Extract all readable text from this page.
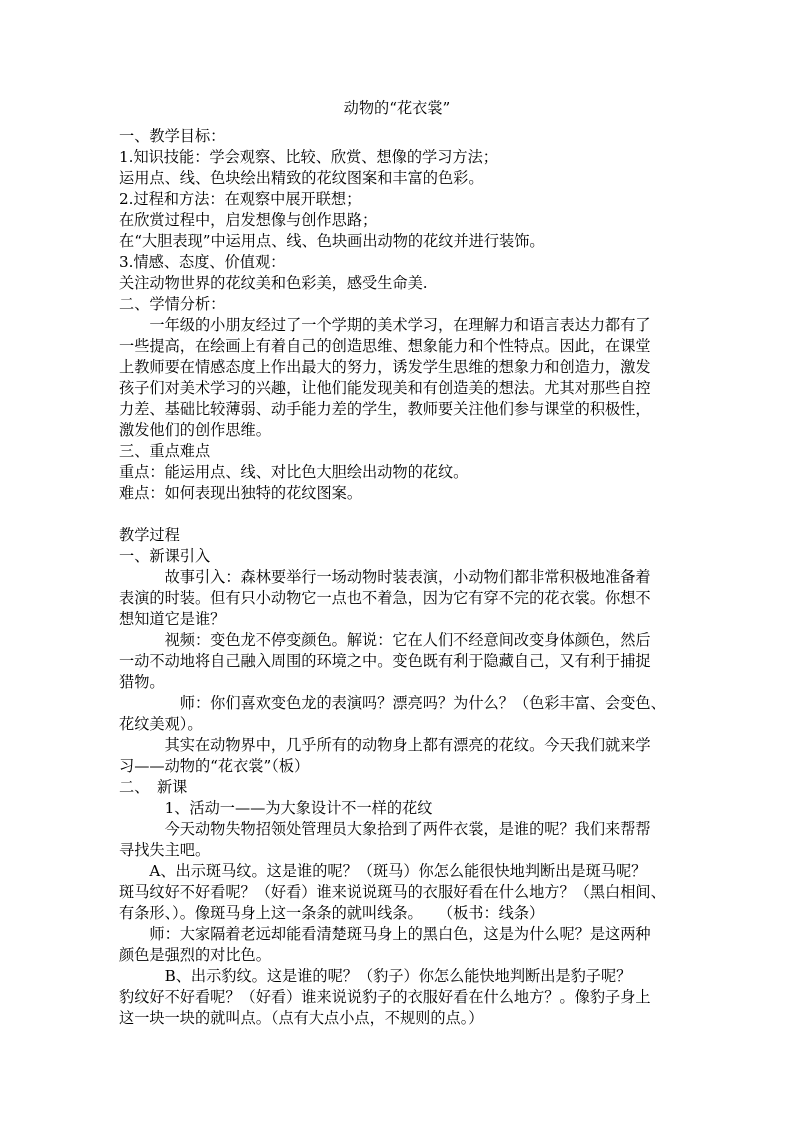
动物的“花衣裳”
一、教学目标：
1.知识技能：学会观察、比较、欣赏、想像的学习方法；
运用点、线、色块绘出精致的花纹图案和丰富的色彩。
2.过程和方法：在观察中展开联想；
在欣赏过程中，启发想像与创作思路；
在“大胆表现”中运用点、线、色块画出动物的花纹并进行装饰。
3.情感、态度、价值观：
关注动物世界的花纹美和色彩美，感受生命美.
二、学情分析：
　　一年级的小朋友经过了一个学期的美术学习，在理解力和语言表达力都有了
一些提高，在绘画上有着自己的创造思维、想象能力和个性特点。因此，在课堂
上教师要在情感态度上作出最大的努力，诱发学生思维的想象力和创造力，激发
孩子们对美术学习的兴趣，让他们能发现美和有创造美的想法。尤其对那些自控
力差、基础比较薄弱、动手能力差的学生，教师要关注他们参与课堂的积极性，
激发他们的创作思维。
三、重点难点
重点：能运用点、线、对比色大胆绘出动物的花纹。
难点：如何表现出独特的花纹图案。
教学过程
一、新课引入
　　　故事引入：森林要举行一场动物时装表演，小动物们都非常积极地准备着
表演的时装。但有只小动物它一点也不着急，因为它有穿不完的花衣裳。你想不
想知道它是谁？
　　　视频：变色龙不停变颜色。解说：它在人们不经意间改变身体颜色，然后
一动不动地将自己融入周围的环境之中。变色既有利于隐藏自己，又有利于捕捉
猎物。
　　　　师：你们喜欢变色龙的表演吗？漂亮吗？为什么？（色彩丰富、会变色、
花纹美观）。
　　　其实在动物界中，几乎所有的动物身上都有漂亮的花纹。今天我们就来学
习——动物的“花衣裳”（板）
二、　新课
　　　1、活动一——为大象设计不一样的花纹
　　　今天动物失物招领处管理员大象拾到了两件衣裳，是谁的呢？我们来帮帮
寻找失主吧。
　　A、出示斑马纹。这是谁的呢？（斑马）你怎么能很快地判断出是斑马呢？
斑马纹好不好看呢？（好看）谁来说说斑马的衣服好看在什么地方？（黑白相间、
有条形、）。像斑马身上这一条条的就叫线条。　　（板书：线条）
　　师：大家隔着老远却能看清楚斑马身上的黑白色，这是为什么呢？是这两种
颜色是强烈的对比色。
　　　B、出示豹纹。这是谁的呢？（豹子）你怎么能快地判断出是豹子呢？
豹纹好不好看呢？（好看）谁来说说豹子的衣服好看在什么地方？。像豹子身上
这一块一块的就叫点。（点有大点小点，不规则的点。）
